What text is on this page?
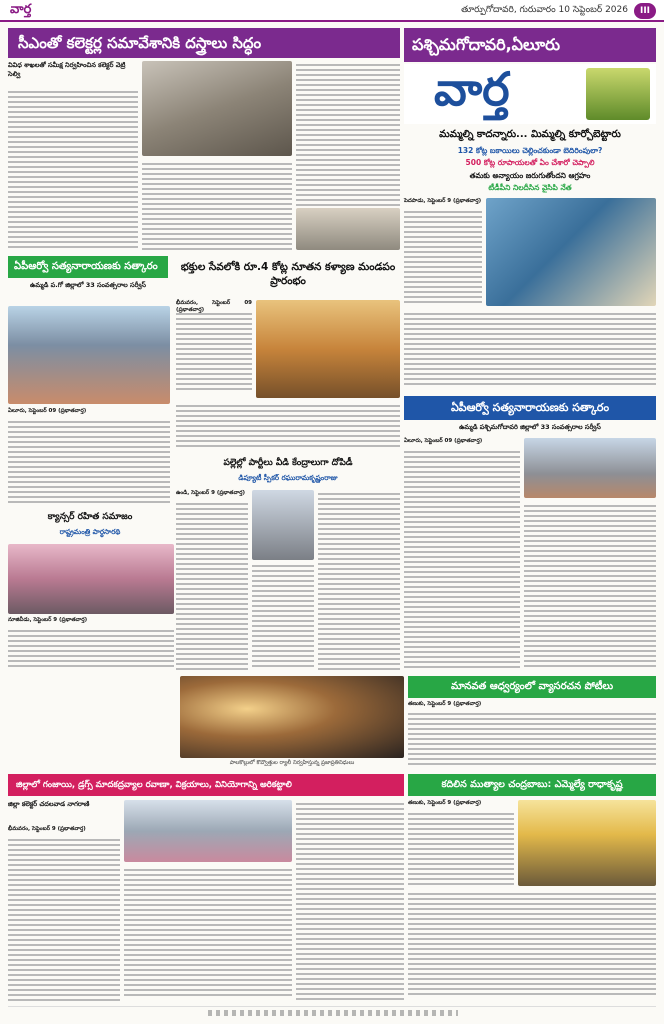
వార్త	తూర్పుగోదావరి, గురువారం 10 సెప్టెంబర్ 2026	III
సీఎంతో కలెక్టర్ల సమావేశానికి దస్త్రాలు సిద్ధం
వివిధ శాఖలతో సమీక్ష నిర్వహించిన కలెక్టర్ వెట్రి సెల్వి
పశ్చిమగోదావరి,ఏలూరు
వార్త
మమ్మల్ని కాదన్నారు... మిమ్మల్ని కూర్చోబెట్టారు
132 కోట్ల బకాయిలు చెల్లించకుండా బెదిరింపులా?
500 కోట్ల రూపాయలతో ఏం చేశారో చెప్పాలి
తమకు అన్యాయం జరుగుతోందని ఆగ్రహం
టీడీపీని నిలదీసిన వైసిపి నేత
పెదపాడు, సెప్టెంబర్ 9 (ప్రభాతవార్త)
ఏపీఆర్వో సత్యనారాయణకు సత్కారం
ఉమ్మడి ప.గో జిల్లాలో 33 సంవత్సరాల సర్వీస్
ఏలూరు, సెప్టెంబర్ 09 (ప్రభాతవార్త)
భక్తుల సేవలోకి రూ.4 కోట్ల నూతన కళ్యాణ మండపం ప్రారంభం
భీమవరం, సెప్టెంబర్ 09 (ప్రభాతవార్త)
పల్లెల్లో పార్టీలు వీడి కేంద్రాలుగా దోపిడీ
డిప్యూటీ స్పీకర్ రఘురామకృష్ణంరాజు
ఉండి, సెప్టెంబర్ 9 (ప్రభాతవార్త)
ఏపీఆర్వో సత్యనారాయణకు సత్కారం
ఉమ్మడి పశ్చిమగోదావరి జిల్లాలో 33 సంవత్సరాల సర్వీస్
ఏలూరు, సెప్టెంబర్ 09 (ప్రభాతవార్త)
క్యాన్సర్ రహిత సమాజం
రాష్ట్రమంత్రి పార్థసారథి
నూజివీడు, సెప్టెంబర్ 9 (ప్రభాతవార్త)
పాలకొల్లులో కొవ్వొత్తుల ర్యాలీ నిర్వహిస్తున్న ప్రజాప్రతినిధులు
మానవత ఆధ్వర్యంలో వ్యాసరచన పోటీలు
తణుకు, సెప్టెంబర్ 9 (ప్రభాతవార్త)
జిల్లాలో గంజాయి, డ్రగ్స్ మాదకద్రవ్యాల రవాణా, విక్రయాలు, వినియోగాన్ని అరికట్టాలి
జిల్లా కలెక్టర్ చదలవాడ నాగరాణి
భీమవరం, సెప్టెంబర్ 9 (ప్రభాతవార్త)
కదిలిన ముత్యాల చంద్రబాబు: ఎమ్మెల్యే రాధాకృష్ణ
తణుకు, సెప్టెంబర్ 9 (ప్రభాతవార్త)
